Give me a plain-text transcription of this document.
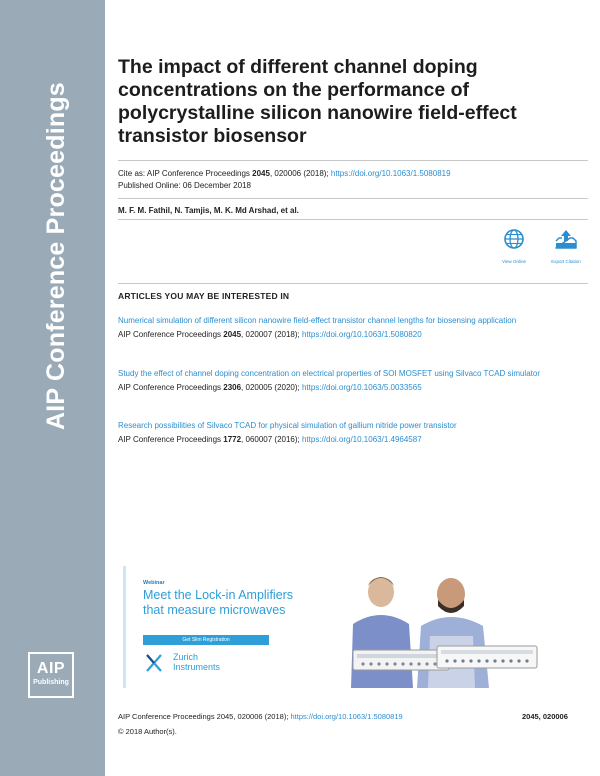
AIP Conference Proceedings
AIP
Publishing
The impact of different channel doping concentrations on the performance of polycrystalline silicon nanowire field-effect transistor biosensor
Cite as: AIP Conference Proceedings 2045, 020006 (2018); https://doi.org/10.1063/1.5080819
Published Online: 06 December 2018
M. F. M. Fathil, N. Tamjis, M. K. Md Arshad, et al.
View Online	Export Citation
ARTICLES YOU MAY BE INTERESTED IN
Numerical simulation of different silicon nanowire field-effect transistor channel lengths for biosensing application
AIP Conference Proceedings 2045, 020007 (2018); https://doi.org/10.1063/1.5080820
Study the effect of channel doping concentration on electrical properties of SOI MOSFET using Silvaco TCAD simulator
AIP Conference Proceedings 2306, 020005 (2020); https://doi.org/10.1063/5.0033565
Research possibilities of Silvaco TCAD for physical simulation of gallium nitride power transistor
AIP Conference Proceedings 1772, 060007 (2016); https://doi.org/10.1063/1.4964587
Webinar
Meet the Lock-in Amplifiers
that measure microwaves
Get Slim Registration
Zurich
Instruments
AIP Conference Proceedings 2045, 020006 (2018); https://doi.org/10.1063/1.5080819	2045, 020006
© 2018 Author(s).
